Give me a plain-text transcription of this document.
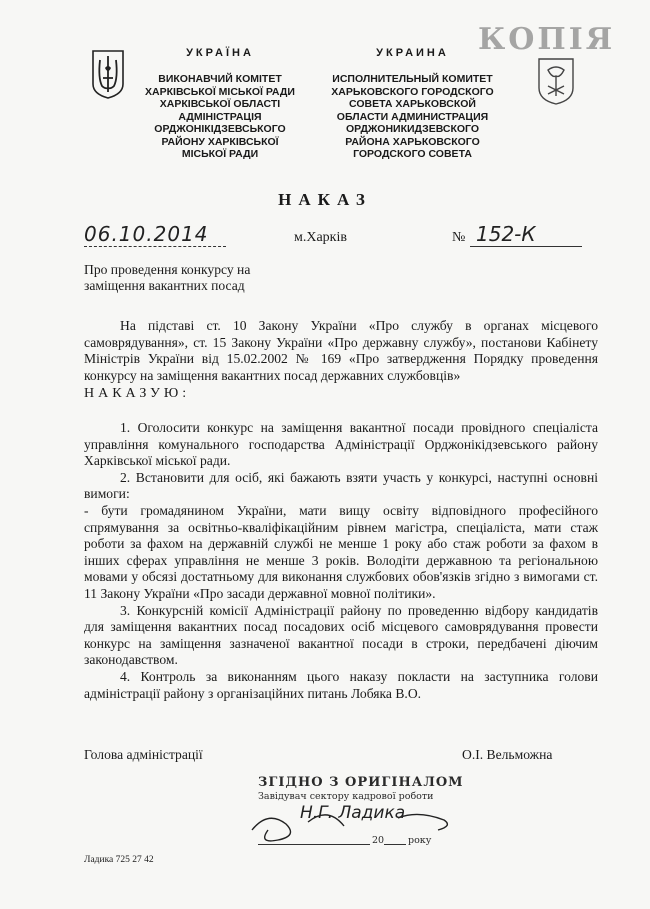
УКРАЇНА
ВИКОНАВЧИЙ КОМІТЕТ
ХАРКІВСЬКОЇ МІСЬКОЇ РАДИ
ХАРКІВСЬКОЇ ОБЛАСТІ
АДМІНІСТРАЦІЯ
ОРДЖОНІКІДЗЕВСЬКОГО
РАЙОНУ ХАРКІВСЬКОЇ
МІСЬКОЇ РАДИ
УКРАИНА
ИСПОЛНИТЕЛЬНЫЙ КОМИТЕТ
ХАРЬКОВСКОГО ГОРОДСКОГО
СОВЕТА ХАРЬКОВСКОЙ
ОБЛАСТИ АДМИНИСТРАЦИЯ
ОРДЖОНИКИДЗЕВСКОГО
РАЙОНА ХАРЬКОВСКОГО
ГОРОДСКОГО СОВЕТА
КОПІЯ
НАКАЗ
06.10.2014	м.Харків	№ 152-К
Про проведення конкурсу на
заміщення вакантних посад

На підставі ст. 10 Закону України «Про службу в органах місцевого самоврядування», ст. 15 Закону України «Про державну службу», постанови Кабінету Міністрів України від 15.02.2002 № 169 «Про затвердження Порядку проведення конкурсу на заміщення вакантних посад державних службовців»

НАКАЗУЮ:

1. Оголосити конкурс на заміщення вакантної посади провідного спеціаліста управління комунального господарства Адміністрації Орджонікідзевського району Харківської міської ради.

2. Встановити для осіб, які бажають взяти участь у конкурсі, наступні основні вимоги:

- бути громадянином України, мати вищу освіту відповідного професійного спрямування за освітньо-кваліфікаційним рівнем магістра, спеціаліста, мати стаж роботи за фахом на державній службі не менше 1 року або стаж роботи за фахом в інших сферах управління не менше 3 років. Володіти державною та регіональною мовами у обсязі достатньому для виконання службових обов'язків згідно з вимогами ст. 11 Закону України «Про засади державної мовної політики».

3. Конкурсній комісії Адміністрації району по проведенню відбору кандидатів для заміщення вакантних посад посадових осіб місцевого самоврядування провести конкурс на заміщення зазначеної вакантної посади в строки, передбачені діючим законодавством.

4. Контроль за виконанням цього наказу покласти на заступника голови адміністрації району з організаційних питань Лобяка В.О.

Голова адміністрації	О.І. Вельможна
ЗГІДНО З ОРИГІНАЛОМ
Завідувач сектору кадрової роботи
Н.Г. Ладика
20	року
Ладика 725 27 42
